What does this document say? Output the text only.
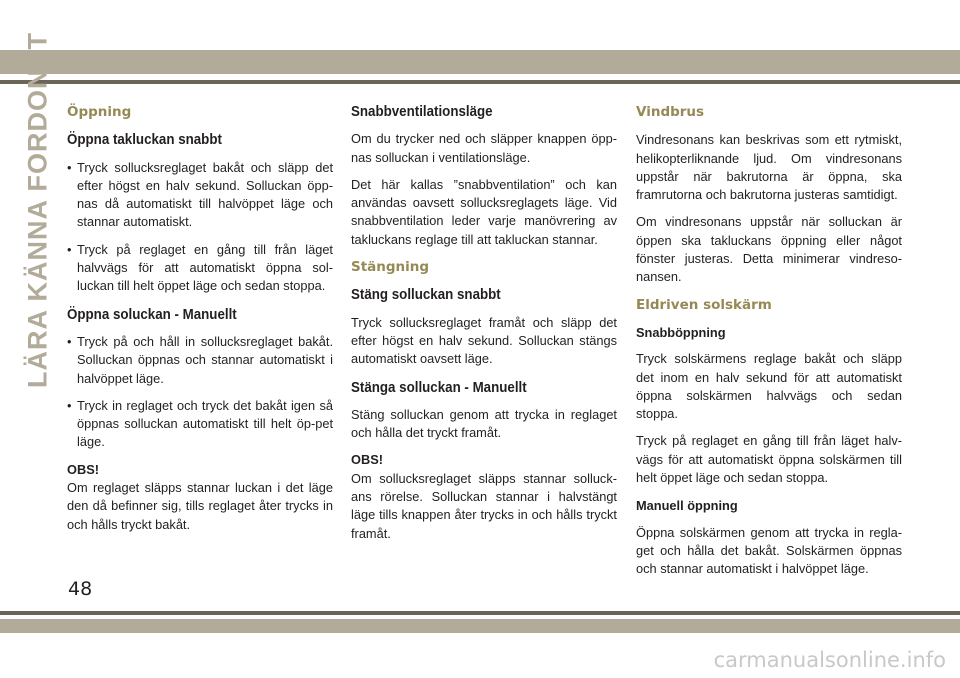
LÄRA KÄNNA FORDONET Öppning
Öppna takluckan snabbt
• Tryck sollucksreglaget bakåt och släpp det efter högst en halv sekund. Solluckan öpp-nas då automatiskt till halvöppet läge och stannar automatiskt.
• Tryck på reglaget en gång till från läget halvvägs för att automatiskt öppna sol-luckan till helt öppet läge och sedan stoppa.
Öppna soluckan - Manuellt
• Tryck på och håll in sollucksreglaget bakåt. Solluckan öppnas och stannar automatiskt i halvöppet läge.
• Tryck in reglaget och tryck det bakåt igen så öppnas solluckan automatiskt till helt öp-pet läge.

OBS!
Om reglaget släpps stannar luckan i det läge den då befinner sig, tills reglaget åter trycks in och hålls tryckt bakåt.

Snabbventilationsläge

Om du trycker ned och släpper knappen öpp-nas solluckan i ventilationsläge.

Det här kallas ”snabbventilation” och kan användas oavsett sollucksreglagets läge. Vid snabbventilation leder varje manövrering av takluckans reglage till att takluckan stannar.

Stängning
Stäng solluckan snabbt

Tryck sollucksreglaget framåt och släpp det efter högst en halv sekund. Solluckan stängs automatiskt oavsett läge.

Stänga solluckan - Manuellt

Stäng solluckan genom att trycka in reglaget och hålla det tryckt framåt.

OBS!
Om sollucksreglaget släpps stannar solluck-ans rörelse. Solluckan stannar i halvstängt läge tills knappen åter trycks in och hålls tryckt framåt.

Vindbrus

Vindresonans kan beskrivas som ett rytmiskt, helikopterliknande ljud. Om vindresonans uppstår när bakrutorna är öppna, ska framrutorna och bakrutorna justeras samtidigt.

Om vindresonans uppstår när solluckan är öppen ska takluckans öppning eller något fönster justeras. Detta minimerar vindreso-nansen.

Eldriven solskärm
Snabböppning

Tryck solskärmens reglage bakåt och släpp det inom en halv sekund för att automatiskt öppna solskärmen halvvägs och sedan stoppa.

Tryck på reglaget en gång till från läget halv-vägs för att automatiskt öppna solskärmen till helt öppet läge och sedan stoppa.

Manuell öppning

Öppna solskärmen genom att trycka in regla-get och hålla det bakåt. Solskärmen öppnas och stannar automatiskt i halvöppet läge.

48
carmanualsonline.info
